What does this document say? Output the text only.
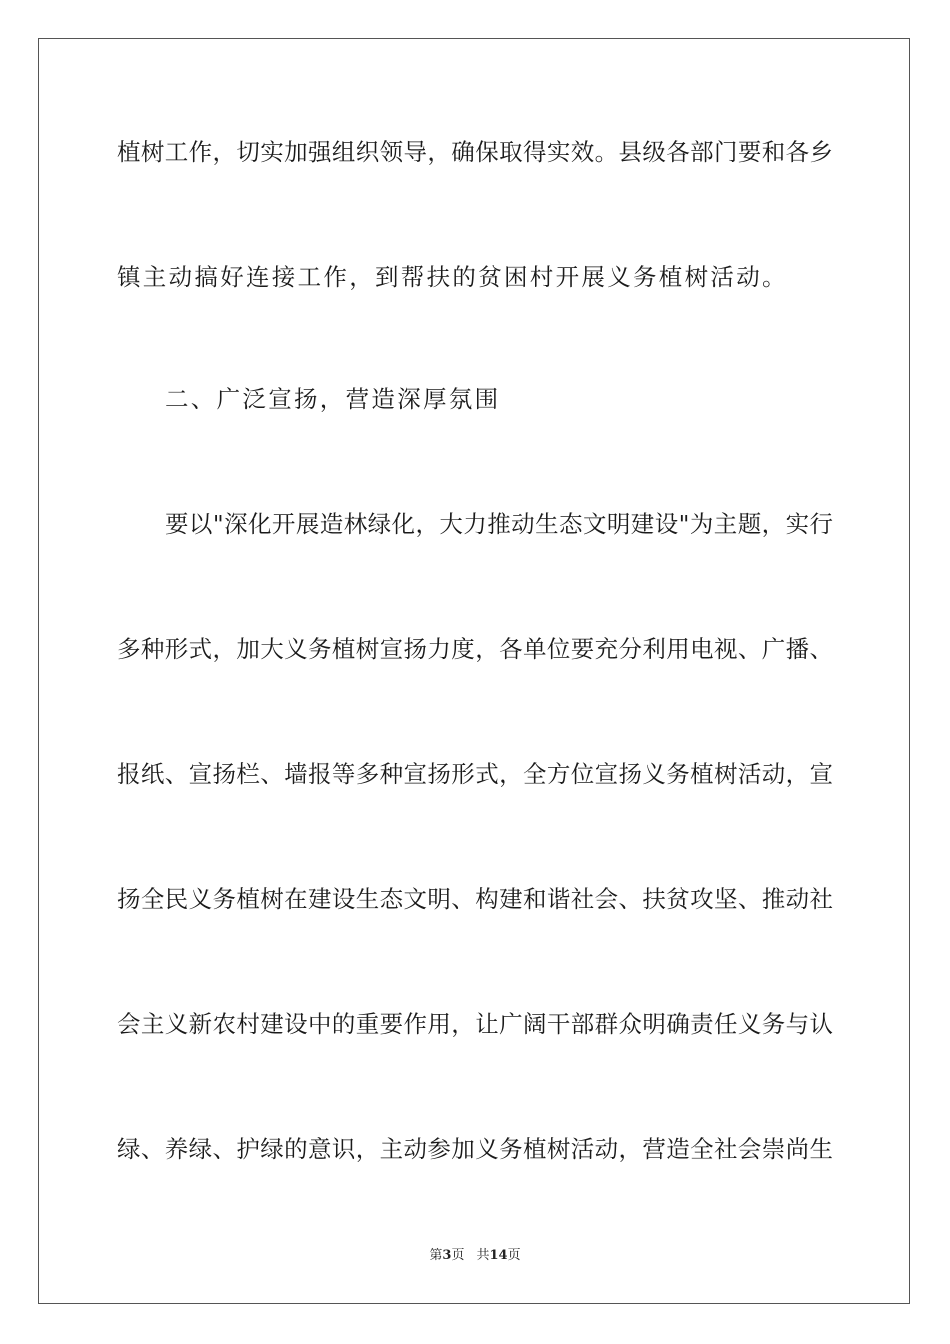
植树工作，切实加强组织领导，确保取得实效。县级各部门要和各乡
镇主动搞好连接工作，到帮扶的贫困村开展义务植树活动。
二、广泛宣扬，营造深厚氛围
要以"深化开展造林绿化，大力推动生态文明建设"为主题，实行
多种形式，加大义务植树宣扬力度，各单位要充分利用电视、广播、
报纸、宣扬栏、墙报等多种宣扬形式，全方位宣扬义务植树活动，宣
扬全民义务植树在建设生态文明、构建和谐社会、扶贫攻坚、推动社
会主义新农村建设中的重要作用，让广阔干部群众明确责任义务与认
绿、养绿、护绿的意识，主动参加义务植树活动，营造全社会崇尚生
第3页 共14页
